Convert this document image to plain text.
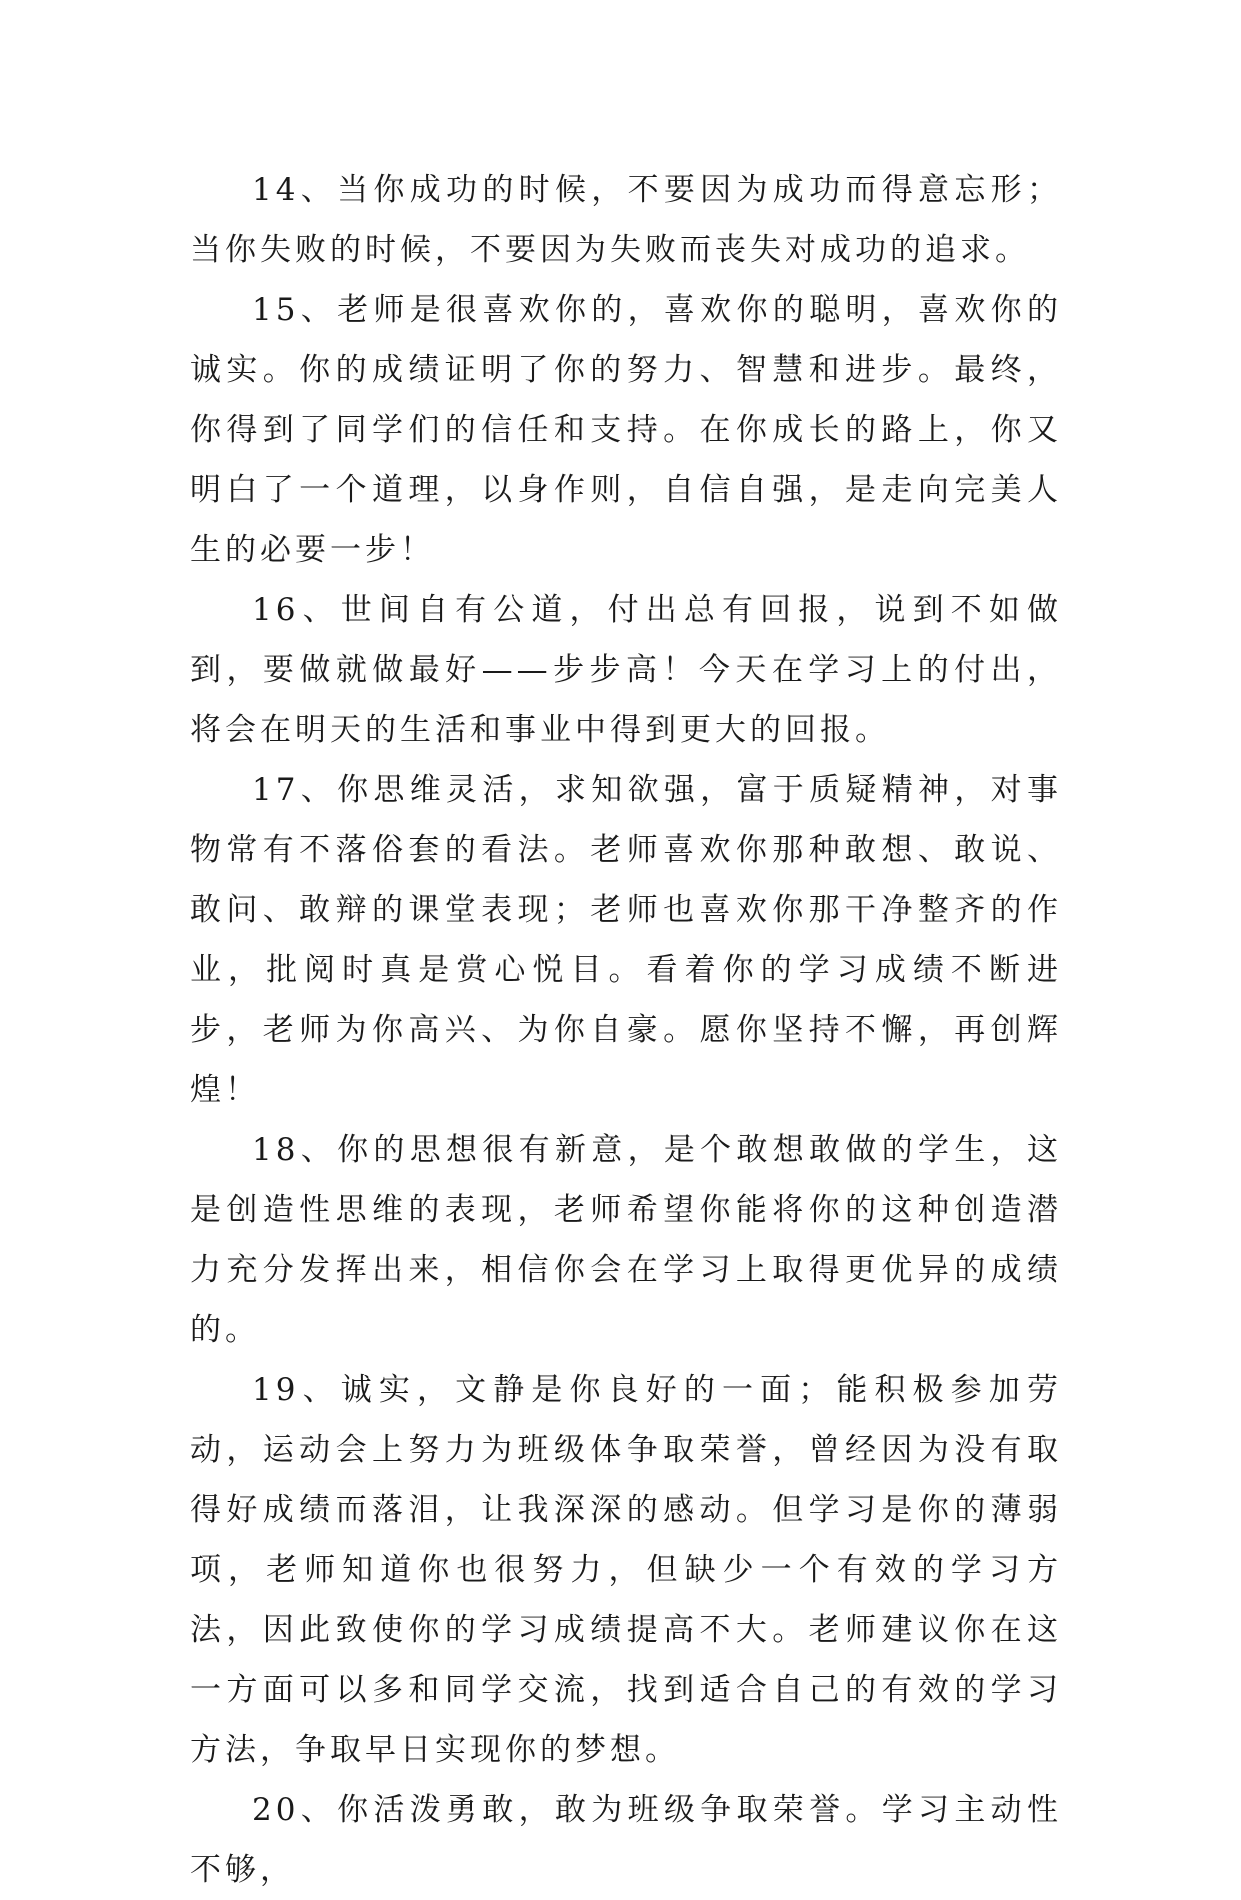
14、当你成功的时候，不要因为成功而得意忘形；当你失败的时候，不要因为失败而丧失对成功的追求。

15、老师是很喜欢你的，喜欢你的聪明，喜欢你的诚实。你的成绩证明了你的努力、智慧和进步。最终，你得到了同学们的信任和支持。在你成长的路上，你又明白了一个道理，以身作则，自信自强，是走向完美人生的必要一步！

16、世间自有公道，付出总有回报，说到不如做到，要做就做最好——步步高！今天在学习上的付出，将会在明天的生活和事业中得到更大的回报。

17、你思维灵活，求知欲强，富于质疑精神，对事物常有不落俗套的看法。老师喜欢你那种敢想、敢说、敢问、敢辩的课堂表现；老师也喜欢你那干净整齐的作业，批阅时真是赏心悦目。看着你的学习成绩不断进步，老师为你高兴、为你自豪。愿你坚持不懈，再创辉煌！

18、你的思想很有新意，是个敢想敢做的学生，这是创造性思维的表现，老师希望你能将你的这种创造潜力充分发挥出来，相信你会在学习上取得更优异的成绩的。

19、诚实，文静是你良好的一面；能积极参加劳动，运动会上努力为班级体争取荣誉，曾经因为没有取得好成绩而落泪，让我深深的感动。但学习是你的薄弱项，老师知道你也很努力，但缺少一个有效的学习方法，因此致使你的学习成绩提高不大。老师建议你在这一方面可以多和同学交流，找到适合自己的有效的学习方法，争取早日实现你的梦想。

20、你活泼勇敢，敢为班级争取荣誉。学习主动性不够，
